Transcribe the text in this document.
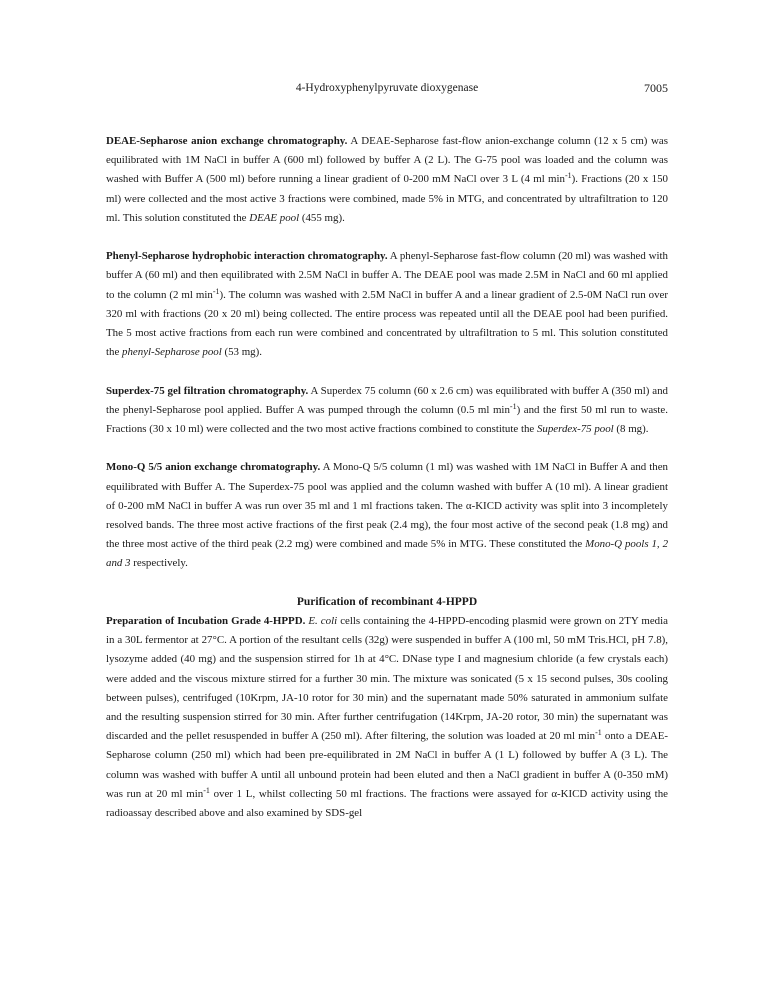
4-Hydroxyphenylpyruvate dioxygenase	7005

DEAE-Sepharose anion exchange chromatography. A DEAE-Sepharose fast-flow anion-exchange column (12 x 5 cm) was equilibrated with 1M NaCl in buffer A (600 ml) followed by buffer A (2 L). The G-75 pool was loaded and the column was washed with Buffer A (500 ml) before running a linear gradient of 0-200 mM NaCl over 3 L (4 ml $\min^{-1}$). Fractions (20 x 150 ml) were collected and the most active 3 fractions were combined, made 5% in MTG, and concentrated by ultrafiltration to 120 ml. This solution constituted the DEAE pool (455 mg).

Phenyl-Sepharose hydrophobic interaction chromatography. A phenyl-Sepharose fast-flow column (20 ml) was washed with buffer A (60 ml) and then equilibrated with 2.5M NaCl in buffer A. The DEAE pool was made 2.5M in NaCl and 60 ml applied to the column (2 ml $\min^{-1}$). The column was washed with 2.5M NaCl in buffer A and a linear gradient of 2.5-0M NaCl run over 320 ml with fractions (20 x 20 ml) being collected. The entire process was repeated until all the DEAE pool had been purified. The 5 most active fractions from each run were combined and concentrated by ultrafiltration to 5 ml. This solution constituted the phenyl-Sepharose pool (53 mg).

Superdex-75 gel filtration chromatography. A Superdex 75 column (60 x 2.6 cm) was equilibrated with buffer A (350 ml) and the phenyl-Sepharose pool applied. Buffer A was pumped through the column (0.5 ml $\min^{-1}$) and the first 50 ml run to waste. Fractions (30 x 10 ml) were collected and the two most active fractions combined to constitute the Superdex-75 pool (8 mg).

Mono-Q 5/5 anion exchange chromatography. A Mono-Q 5/5 column (1 ml) was washed with 1M NaCl in Buffer A and then equilibrated with Buffer A. The Superdex-75 pool was applied and the column washed with buffer A (10 ml). A linear gradient of 0-200 mM NaCl in buffer A was run over 35 ml and 1 ml fractions taken. The α-KICD activity was split into 3 incompletely resolved bands. The three most active fractions of the first peak (2.4 mg), the four most active of the second peak (1.8 mg) and the three most active of the third peak (2.2 mg) were combined and made 5% in MTG. These constituted the Mono-Q pools 1, 2 and 3 respectively.

Purification of recombinant 4-HPPD

Preparation of Incubation Grade 4-HPPD. E. coli cells containing the 4-HPPD-encoding plasmid were grown on 2TY media in a 30L fermentor at 27°C. A portion of the resultant cells (32g) were suspended in buffer A (100 ml, 50 mM Tris.HCl, pH 7.8), lysozyme added (40 mg) and the suspension stirred for 1h at 4°C. DNase type I and magnesium chloride (a few crystals each) were added and the viscous mixture stirred for a further 30 min. The mixture was sonicated (5 x 15 second pulses, 30s cooling between pulses), centrifuged (10Krpm, JA-10 rotor for 30 min) and the supernatant made 50% saturated in ammonium sulfate and the resulting suspension stirred for 30 min. After further centrifugation (14Krpm, JA-20 rotor, 30 min) the supernatant was discarded and the pellet resuspended in buffer A (250 ml). After filtering, the solution was loaded at 20 ml $\min^{-1}$ onto a DEAE-Sepharose column (250 ml) which had been pre-equilibrated in 2M NaCl in buffer A (1 L) followed by buffer A (3 L). The column was washed with buffer A until all unbound protein had been eluted and then a NaCl gradient in buffer A (0-350 mM) was run at 20 ml $\min^{-1}$ over 1 L, whilst collecting 50 ml fractions. The fractions were assayed for α-KICD activity using the radioassay described above and also examined by SDS-gel
